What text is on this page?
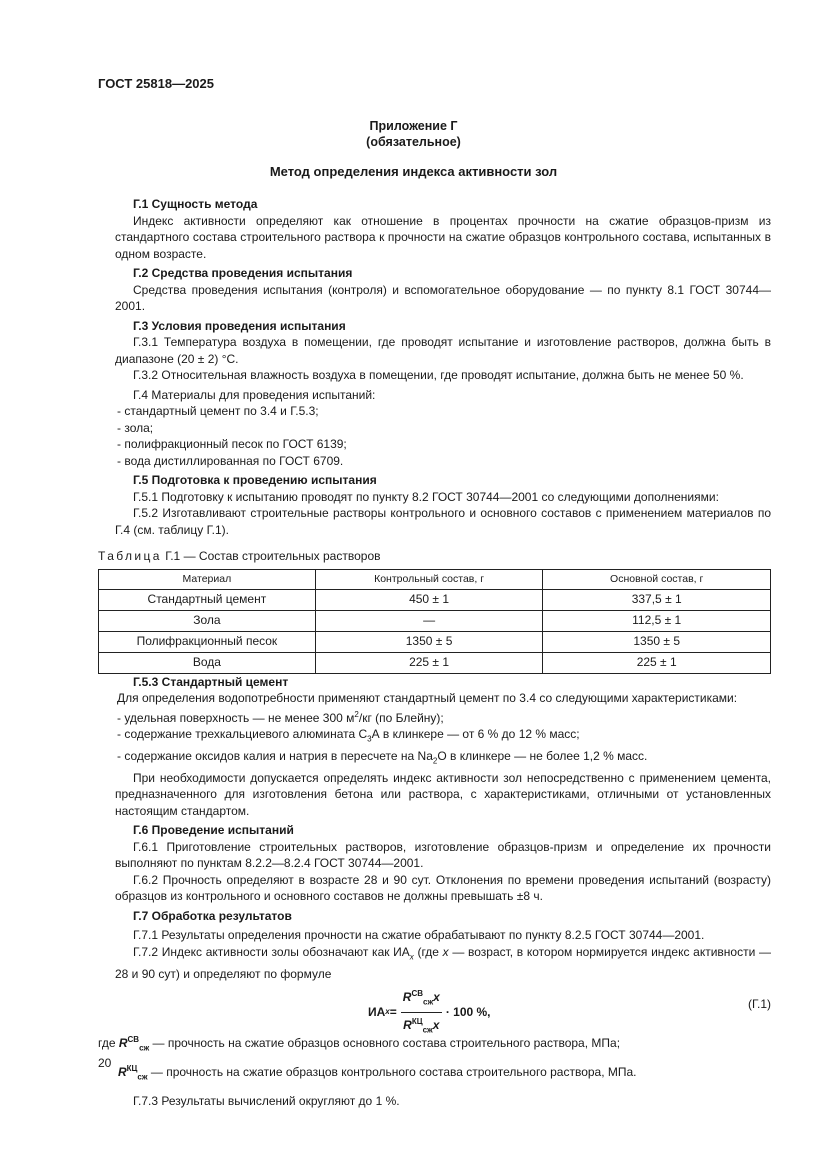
ГОСТ 25818—2025
Приложение Г
(обязательное)
Метод определения индекса активности зол
Г.1 Сущность метода
Индекс активности определяют как отношение в процентах прочности на сжатие образцов-призм из стандартного состава строительного раствора к прочности на сжатие образцов контрольного состава, испытанных в одном возрасте.
Г.2 Средства проведения испытания
Средства проведения испытания (контроля) и вспомогательное оборудование — по пункту 8.1 ГОСТ 30744—2001.
Г.3 Условия проведения испытания
Г.3.1 Температура воздуха в помещении, где проводят испытание и изготовление растворов, должна быть в диапазоне (20 ± 2) °С.
Г.3.2 Относительная влажность воздуха в помещении, где проводят испытание, должна быть не менее 50 %.
Г.4 Материалы для проведения испытаний:
- стандартный цемент по 3.4 и Г.5.3;
- зола;
- полифракционный песок по ГОСТ 6139;
- вода дистиллированная по ГОСТ 6709.
Г.5 Подготовка к проведению испытания
Г.5.1 Подготовку к испытанию проводят по пункту 8.2 ГОСТ 30744—2001 со следующими дополнениями:
Г.5.2 Изготавливают строительные растворы контрольного и основного составов с применением материалов по Г.4 (см. таблицу Г.1).
Таблица Г.1 — Состав строительных растворов
Материал	Контрольный состав, г	Основной состав, г
Стандартный цемент	450 ± 1	337,5 ± 1
Зола	—	112,5 ± 1
Полифракционный песок	1350 ± 5	1350 ± 5
Вода	225 ± 1	225 ± 1
Г.5.3 Стандартный цемент
Для определения водопотребности применяют стандартный цемент по 3.4 со следующими характеристиками:
- удельная поверхность — не менее 300 $м^2/кг$ (по Блейну);
- содержание трехкальциевого алюмината $С_3А$ в клинкере — от 6 % до 12 % масс;
- содержание оксидов калия и натрия в пересчете на $Na_2О$ в клинкере — не более 1,2 % масс.
При необходимости допускается определять индекс активности зол непосредственно с применением цемента, предназначенного для изготовления бетона или раствора, с характеристиками, отличными от установленных настоящим стандартом.
Г.6 Проведение испытаний
Г.6.1 Приготовление строительных растворов, изготовление образцов-призм и определение их прочности выполняют по пунктам 8.2.2—8.2.4 ГОСТ 30744—2001.
Г.6.2 Прочность определяют в возрасте 28 и 90 сут. Отклонения по времени проведения испытаний (возрасту) образцов из контрольного и основного составов не должны превышать ±8 ч.
Г.7 Обработка результатов
Г.7.1 Результаты определения прочности на сжатие обрабатывают по пункту 8.2.5 ГОСТ 30744—2001.
Г.7.2 Индекс активности золы обозначают как $ИА_x$ (где x — возраст, в котором нормируется индекс активности — 28 и 90 сут) и определяют по формуле
ИА $x = \frac{R^{СВ}_{сж}x}{R^{КЦ}_{сж}x} \cdot 100$ %,
(Г.1)
где $R^{СВ}_{сж}$ — прочность на сжатие образцов основного состава строительного раствора, МПа;
$R^{КЦ}_{сж}$ — прочность на сжатие образцов контрольного состава строительного раствора, МПа.
Г.7.3 Результаты вычислений округляют до 1 %.
20
